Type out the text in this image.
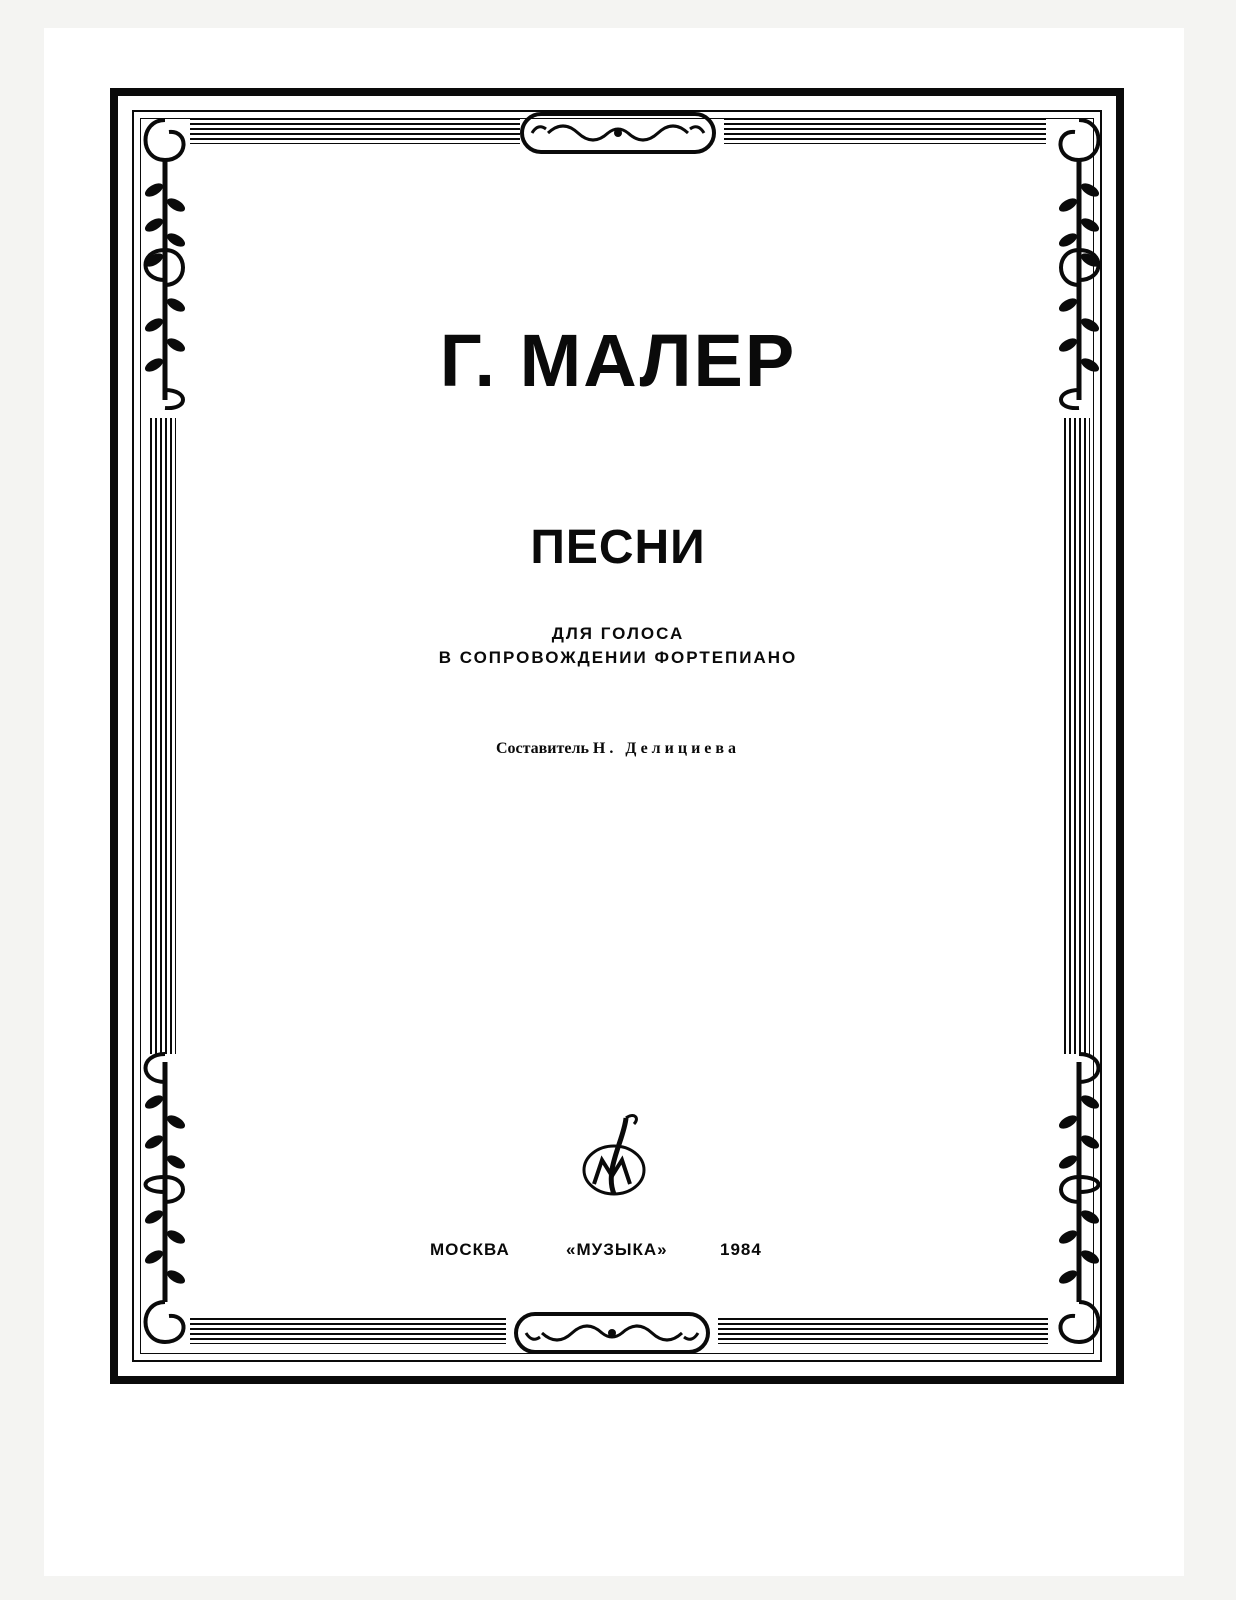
Г. МАЛЕР
ПЕСНИ
ДЛЯ ГОЛОСА
В СОПРОВОЖДЕНИИ ФОРТЕПИАНО
Составитель Н. Делициева
МОСКВА	«МУЗЫКА»	1984
